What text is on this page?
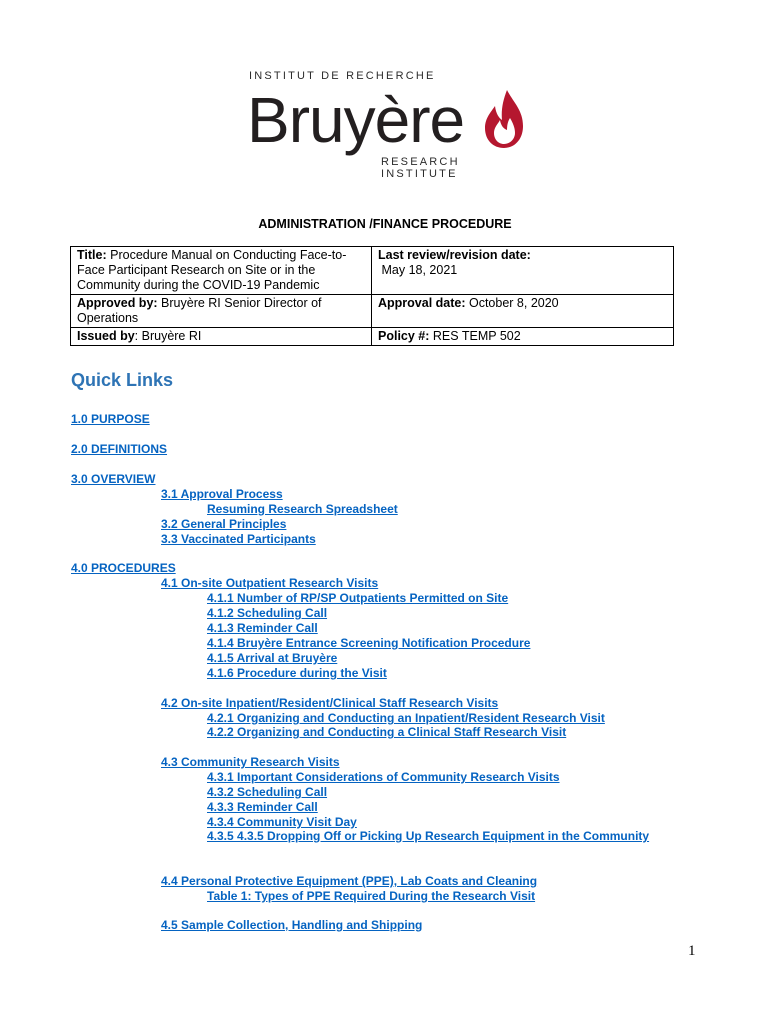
INSTITUT DE RECHERCHE
Bruyère
RESEARCH INSTITUTE
ADMINISTRATION /FINANCE PROCEDURE
Title: Procedure Manual on Conducting Face-to-Face Participant Research on Site or in the Community during the COVID-19 Pandemic	Last review/revision date:
May 18, 2021
Approved by: Bruyère RI Senior Director of Operations	Approval date: October 8, 2020
Issued by: Bruyère RI	Policy #: RES TEMP 502
Quick Links
1.0 PURPOSE
2.0 DEFINITIONS
3.0 OVERVIEW
3.1 Approval Process
Resuming Research Spreadsheet
3.2 General Principles
3.3 Vaccinated Participants
4.0 PROCEDURES
4.1 On-site Outpatient Research Visits
4.1.1 Number of RP/SP Outpatients Permitted on Site
4.1.2 Scheduling Call
4.1.3 Reminder Call
4.1.4 Bruyère Entrance Screening Notification Procedure
4.1.5 Arrival at Bruyère
4.1.6 Procedure during the Visit
4.2 On-site Inpatient/Resident/Clinical Staff Research Visits
4.2.1 Organizing and Conducting an Inpatient/Resident Research Visit
4.2.2 Organizing and Conducting a Clinical Staff Research Visit
4.3 Community Research Visits
4.3.1 Important Considerations of Community Research Visits
4.3.2 Scheduling Call
4.3.3 Reminder Call
4.3.4 Community Visit Day
4.3.5 4.3.5 Dropping Off or Picking Up Research Equipment in the Community
4.4 Personal Protective Equipment (PPE), Lab Coats and Cleaning
Table 1: Types of PPE Required During the Research Visit
4.5 Sample Collection, Handling and Shipping
1
